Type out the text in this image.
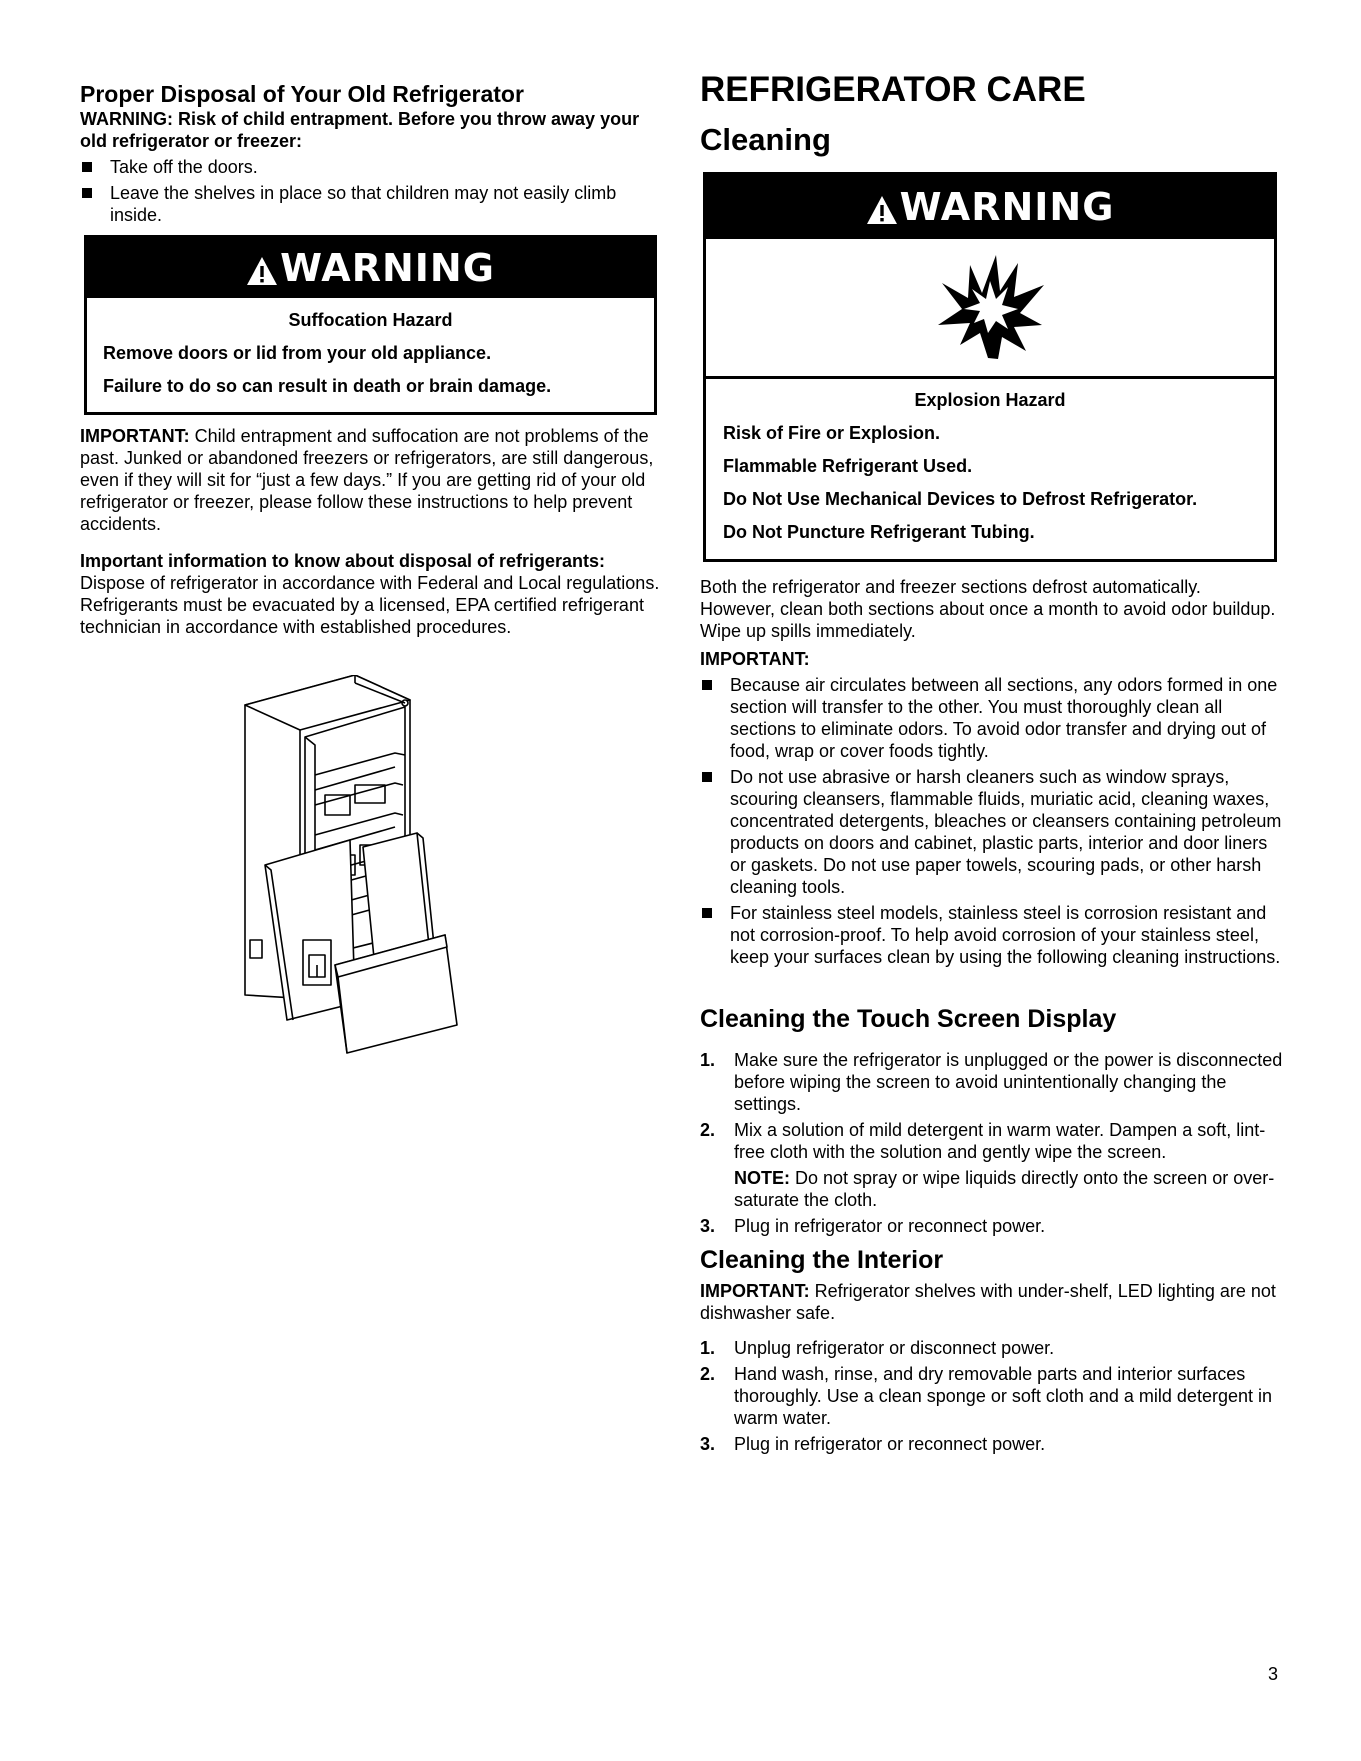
Proper Disposal of Your Old Refrigerator

WARNING: Risk of child entrapment. Before you throw away your old refrigerator or freezer:

Take off the doors.
Leave the shelves in place so that children may not easily climb inside.
WARNING
Suffocation Hazard
Remove doors or lid from your old appliance.
Failure to do so can result in death or brain damage.

IMPORTANT: Child entrapment and suffocation are not problems of the past. Junked or abandoned freezers or refrigerators, are still dangerous, even if they will sit for “just a few days.” If you are getting rid of your old refrigerator or freezer, please follow these instructions to help prevent accidents.

Important information to know about disposal of refrigerants:

Dispose of refrigerator in accordance with Federal and Local regulations. Refrigerants must be evacuated by a licensed, EPA certified refrigerant technician in accordance with established procedures.

REFRIGERATOR CARE
Cleaning
WARNING
Explosion Hazard
Risk of Fire or Explosion.
Flammable Refrigerant Used.
Do Not Use Mechanical Devices to Defrost Refrigerator.
Do Not Puncture Refrigerant Tubing.

Both the refrigerator and freezer sections defrost automatically. However, clean both sections about once a month to avoid odor buildup. Wipe up spills immediately.

IMPORTANT:

Because air circulates between all sections, any odors formed in one section will transfer to the other. You must thoroughly clean all sections to eliminate odors. To avoid odor transfer and drying out of food, wrap or cover foods tightly.
Do not use abrasive or harsh cleaners such as window sprays, scouring cleansers, flammable fluids, muriatic acid, cleaning waxes, concentrated detergents, bleaches or cleansers containing petroleum products on doors and cabinet, plastic parts, interior and door liners or gaskets. Do not use paper towels, scouring pads, or other harsh cleaning tools.
For stainless steel models, stainless steel is corrosion resistant and not corrosion-proof. To help avoid corrosion of your stainless steel, keep your surfaces clean by using the following cleaning instructions.
Cleaning the Touch Screen Display
1. Make sure the refrigerator is unplugged or the power is disconnected before wiping the screen to avoid unintentionally changing the settings.
2. Mix a solution of mild detergent in warm water. Dampen a soft, lint-free cloth with the solution and gently wipe the screen.
NOTE: Do not spray or wipe liquids directly onto the screen or over-saturate the cloth.
3. Plug in refrigerator or reconnect power.
Cleaning the Interior

IMPORTANT: Refrigerator shelves with under-shelf, LED lighting are not dishwasher safe.

1. Unplug refrigerator or disconnect power.
2. Hand wash, rinse, and dry removable parts and interior surfaces thoroughly. Use a clean sponge or soft cloth and a mild detergent in warm water.
3. Plug in refrigerator or reconnect power.
3
